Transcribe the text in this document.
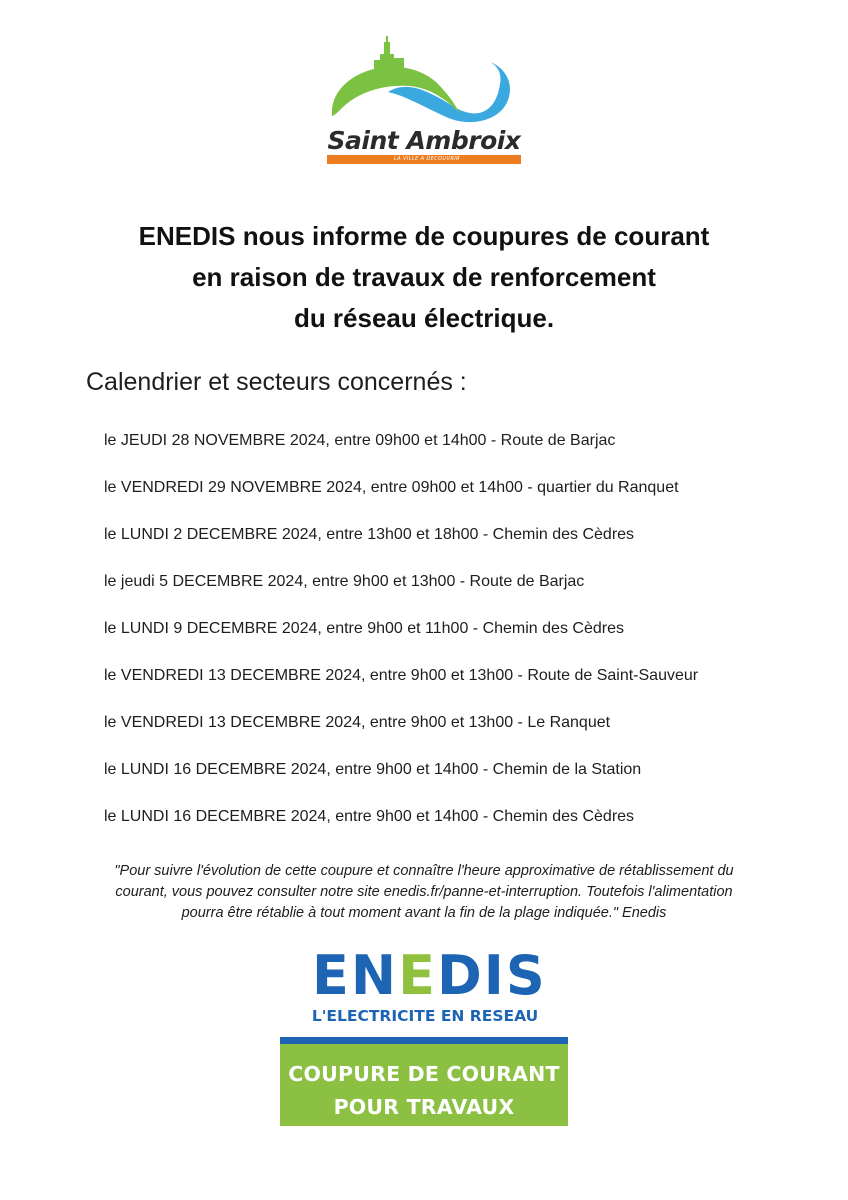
Saint Ambroix
LA VILLE A DECOUVRIR
ENEDIS nous informe de coupures de courant
en raison de travaux de renforcement
du réseau électrique.
Calendrier et secteurs concernés :
le JEUDI 28 NOVEMBRE 2024, entre 09h00 et 14h00 - Route de Barjac
le VENDREDI 29 NOVEMBRE 2024, entre 09h00 et 14h00 - quartier du Ranquet
le LUNDI 2 DECEMBRE 2024, entre 13h00 et 18h00 - Chemin des Cèdres
le jeudi 5 DECEMBRE 2024, entre 9h00 et 13h00 - Route de Barjac
le LUNDI 9 DECEMBRE 2024, entre 9h00 et 11h00 - Chemin des Cèdres
le VENDREDI 13 DECEMBRE 2024, entre 9h00 et 13h00 - Route de Saint-Sauveur
le VENDREDI 13 DECEMBRE 2024, entre 9h00 et 13h00 - Le Ranquet
le LUNDI 16 DECEMBRE 2024, entre 9h00 et 14h00 - Chemin de la Station
le LUNDI 16 DECEMBRE 2024, entre 9h00 et 14h00 - Chemin des Cèdres
"Pour suivre l'évolution de cette coupure et connaître l'heure approximative de rétablissement du
courant, vous pouvez consulter notre site enedis.fr/panne-et-interruption. Toutefois l'alimentation
pourra être rétablie à tout moment avant la fin de la plage indiquée." Enedis
ENEDIS
L'ELECTRICITE EN RESEAU
COUPURE DE COURANT
POUR TRAVAUX
